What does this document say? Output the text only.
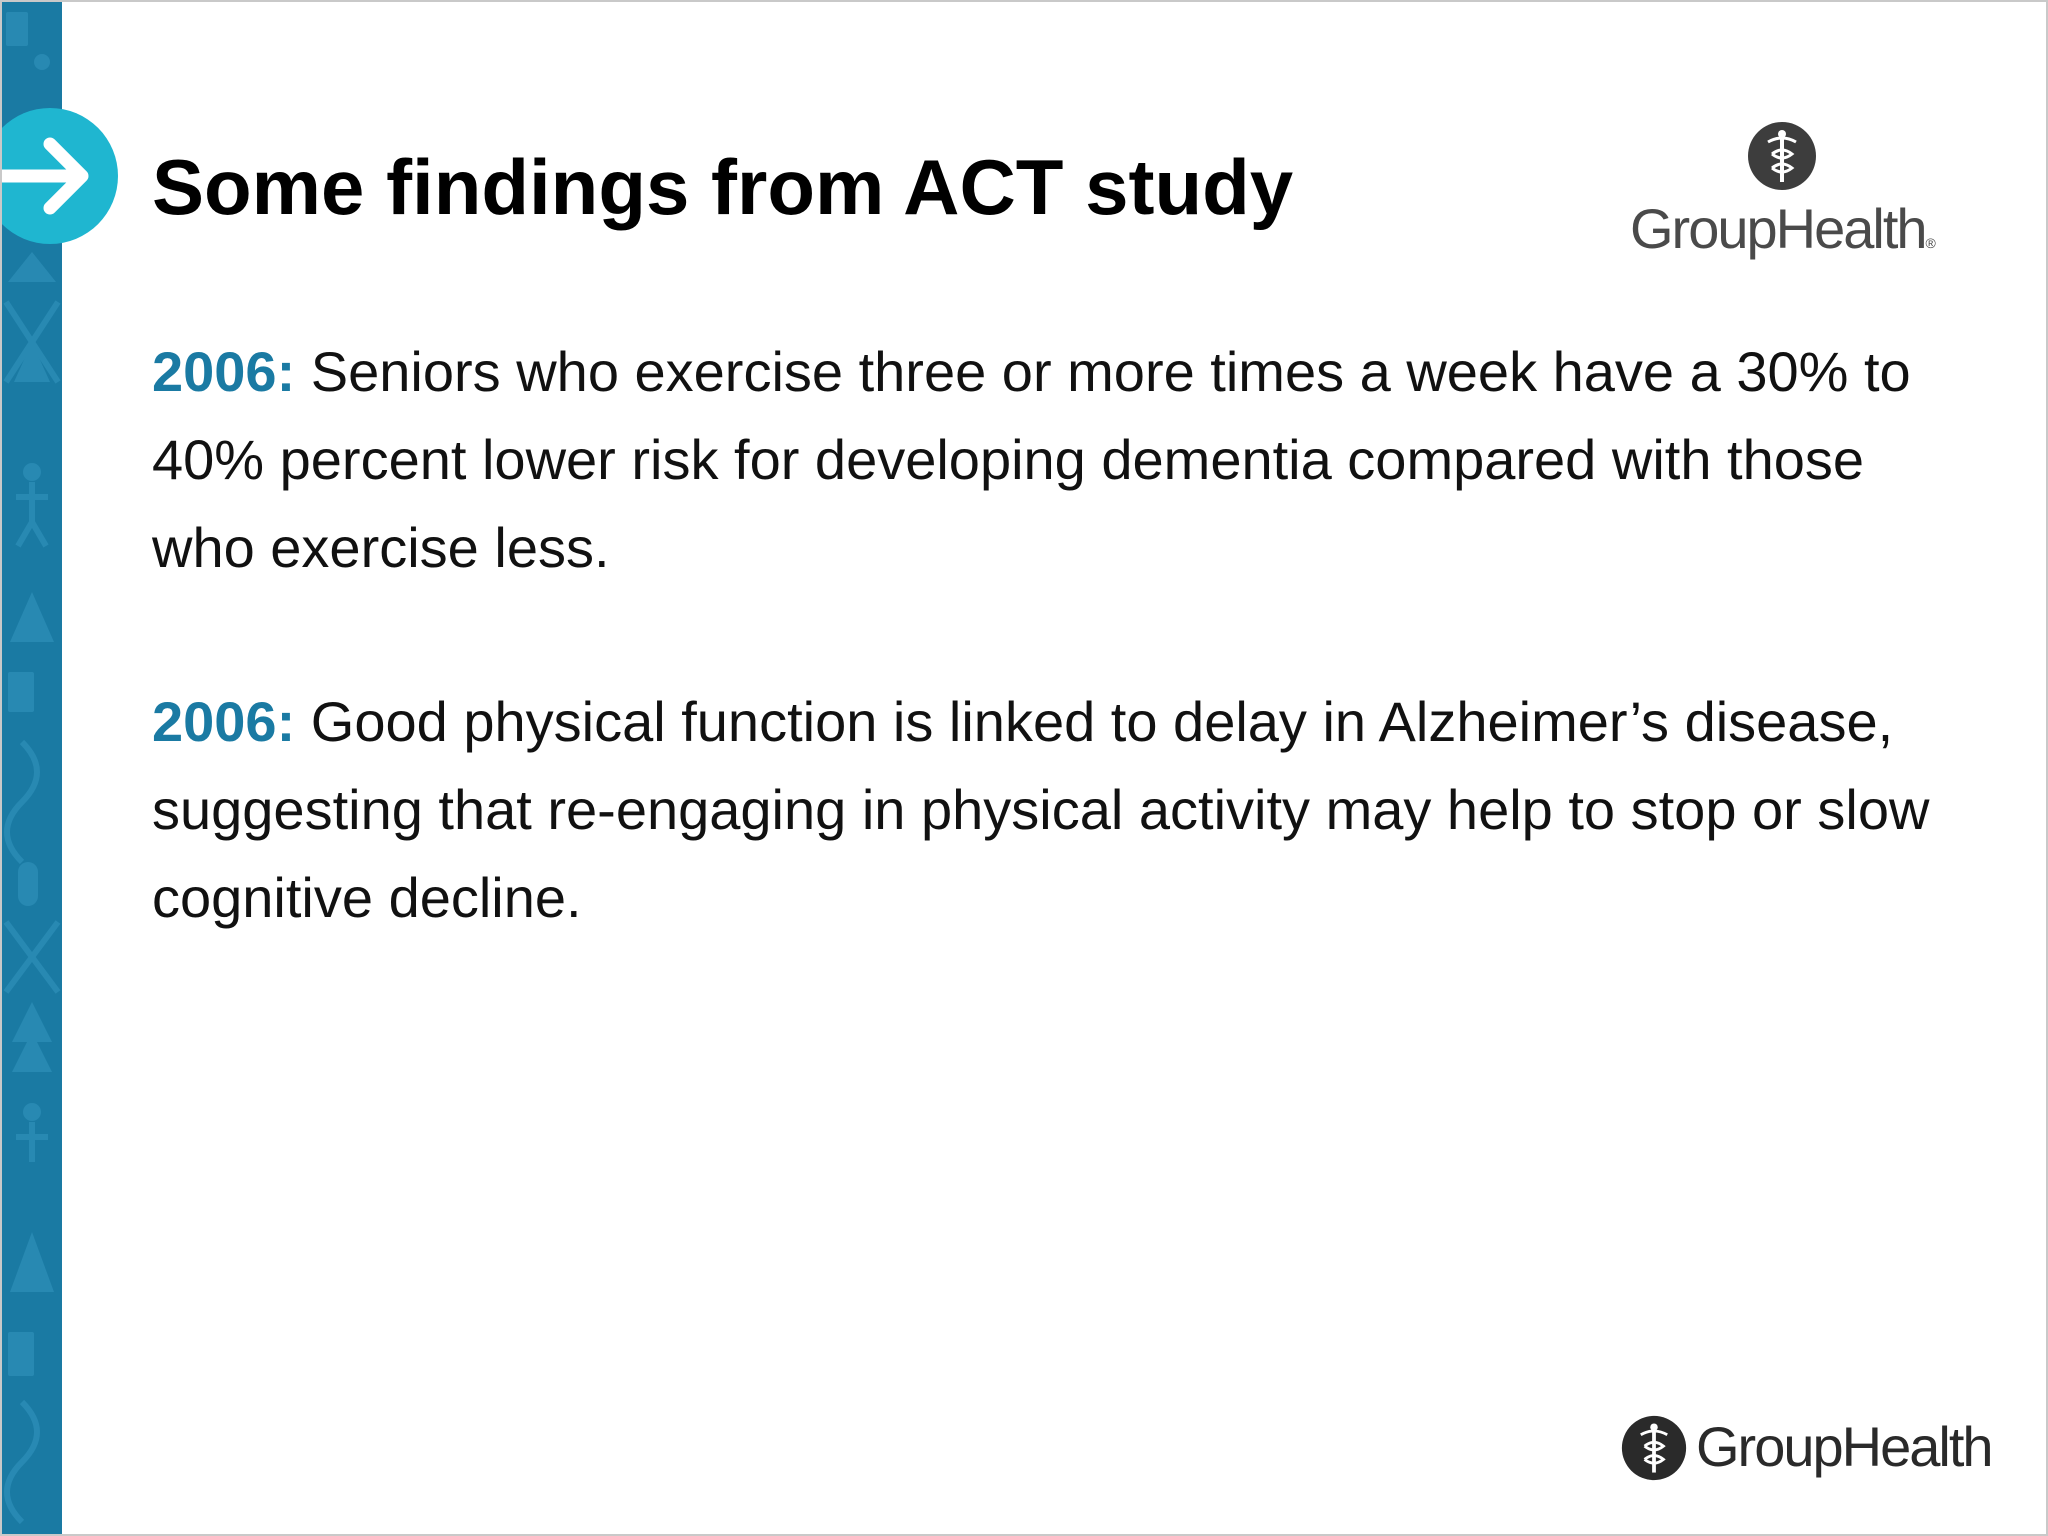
Some findings from ACT study	GroupHealth®

2006: Seniors who exercise three or more times a week have a 30% to 40% percent lower risk for developing dementia compared with those who exercise less.

2006: Good physical function is linked to delay in Alzheimer’s disease, suggesting that re-engaging in physical activity may help to stop or slow cognitive decline.

GroupHealth
